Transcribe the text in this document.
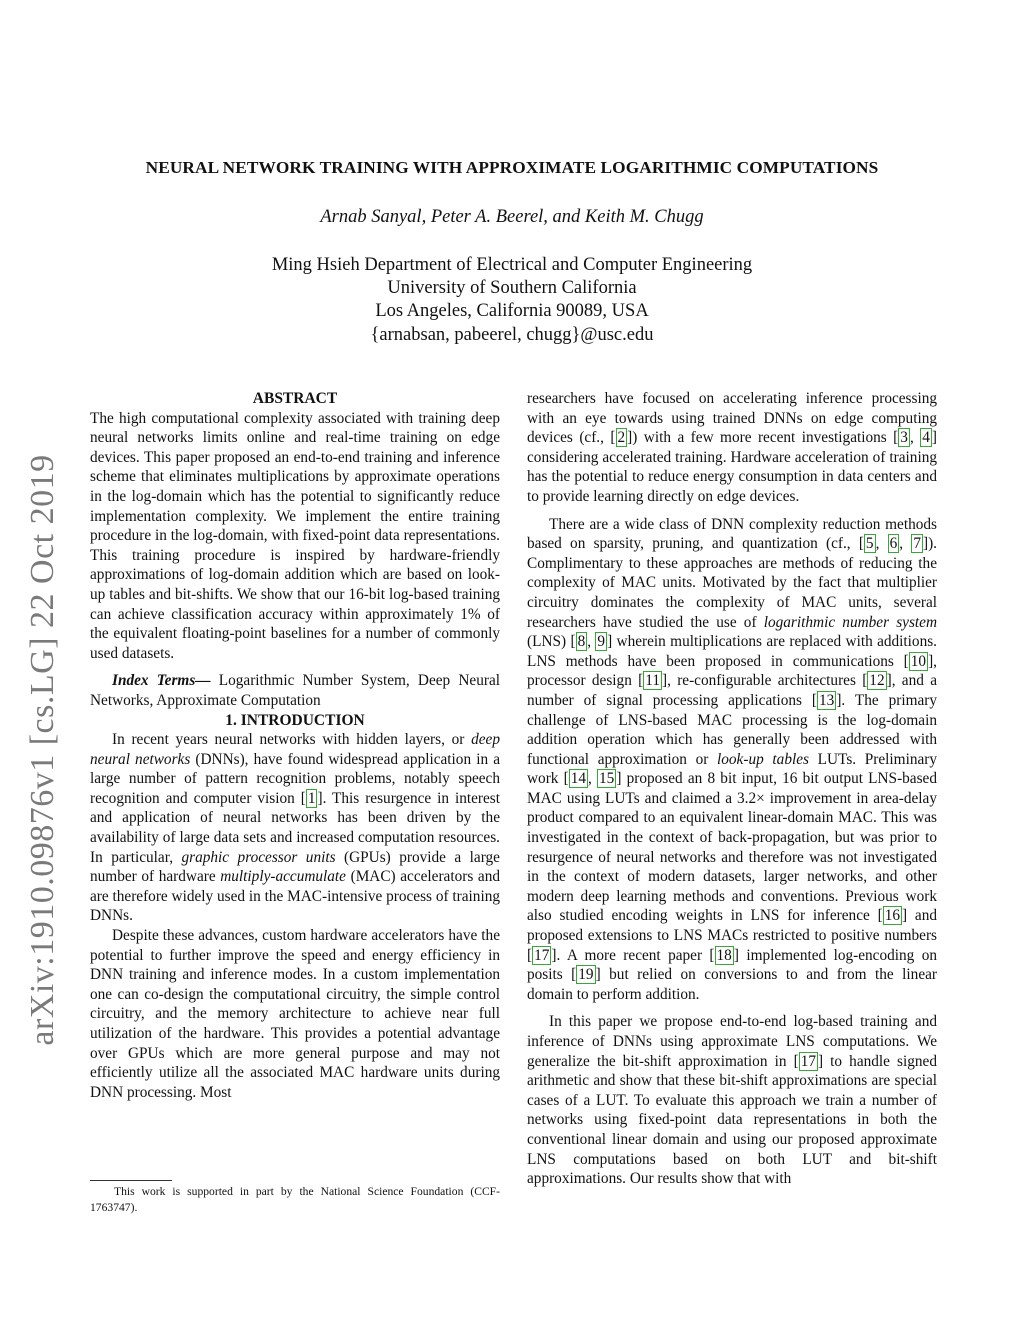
arXiv:1910.09876v1 [cs.LG] 22 Oct 2019
NEURAL NETWORK TRAINING WITH APPROXIMATE LOGARITHMIC COMPUTATIONS
Arnab Sanyal, Peter A. Beerel, and Keith M. Chugg
Ming Hsieh Department of Electrical and Computer Engineering
University of Southern California
Los Angeles, California 90089, USA
{arnabsan, pabeerel, chugg}@usc.edu

ABSTRACT

The high computational complexity associated with training deep neural networks limits online and real-time training on edge devices. This paper proposed an end-to-end training and inference scheme that eliminates multiplications by approximate operations in the log-domain which has the potential to significantly reduce implementation complexity. We implement the entire training procedure in the log-domain, with fixed-point data representations. This training procedure is inspired by hardware-friendly approximations of log-domain addition which are based on look-up tables and bit-shifts. We show that our 16-bit log-based training can achieve classification accuracy within approximately 1% of the equivalent floating-point baselines for a number of commonly used datasets.

Index Terms— Logarithmic Number System, Deep Neural Networks, Approximate Computation

1. INTRODUCTION

In recent years neural networks with hidden layers, or deep neural networks (DNNs), have found widespread application in a large number of pattern recognition problems, notably speech recognition and computer vision [ 1 ]. This resurgence in interest and application of neural networks has been driven by the availability of large data sets and increased computation resources. In particular, graphic processor units (GPUs) provide a large number of hardware multiply-accumulate (MAC) accelerators and are therefore widely used in the MAC-intensive process of training DNNs.

Despite these advances, custom hardware accelerators have the potential to further improve the speed and energy efficiency in DNN training and inference modes. In a custom implementation one can co-design the computational circuitry, the simple control circuitry, and the memory architecture to achieve near full utilization of the hardware. This provides a potential advantage over GPUs which are more general purpose and may not efficiently utilize all the associated MAC hardware units during DNN processing. Most

researchers have focused on accelerating inference processing with an eye towards using trained DNNs on edge computing devices (cf., [ 2 ]) with a few more recent investigations [ 3 , 4 ] considering accelerated training. Hardware acceleration of training has the potential to reduce energy consumption in data centers and to provide learning directly on edge devices.

There are a wide class of DNN complexity reduction methods based on sparsity, pruning, and quantization (cf., [ 5 , 6 , 7 ]). Complimentary to these approaches are methods of reducing the complexity of MAC units. Motivated by the fact that multiplier circuitry dominates the complexity of MAC units, several researchers have studied the use of logarithmic number system (LNS) [ 8 , 9 ] wherein multiplications are replaced with additions. LNS methods have been proposed in communications [ 10 ], processor design [ 11 ], re-configurable architectures [ 12 ], and a number of signal processing applications [ 13 ]. The primary challenge of LNS-based MAC processing is the log-domain addition operation which has generally been addressed with functional approximation or look-up tables LUTs. Preliminary work [ 14 , 15 ] proposed an 8 bit input, 16 bit output LNS-based MAC using LUTs and claimed a 3.2× improvement in area-delay product compared to an equivalent linear-domain MAC. This was investigated in the context of back-propagation, but was prior to resurgence of neural networks and therefore was not investigated in the context of modern datasets, larger networks, and other modern deep learning methods and conventions. Previous work also studied encoding weights in LNS for inference [ 16 ] and proposed extensions to LNS MACs restricted to positive numbers [ 17 ]. A more recent paper [ 18 ] implemented log-encoding on posits [ 19 ] but relied on conversions to and from the linear domain to perform addition.

In this paper we propose end-to-end log-based training and inference of DNNs using approximate LNS computations. We generalize the bit-shift approximation in [ 17 ] to handle signed arithmetic and show that these bit-shift approximations are special cases of a LUT. To evaluate this approach we train a number of networks using fixed-point data representations in both the conventional linear domain and using our proposed approximate LNS computations based on both LUT and bit-shift approximations. Our results show that with

This work is supported in part by the National Science Foundation (CCF-1763747).
